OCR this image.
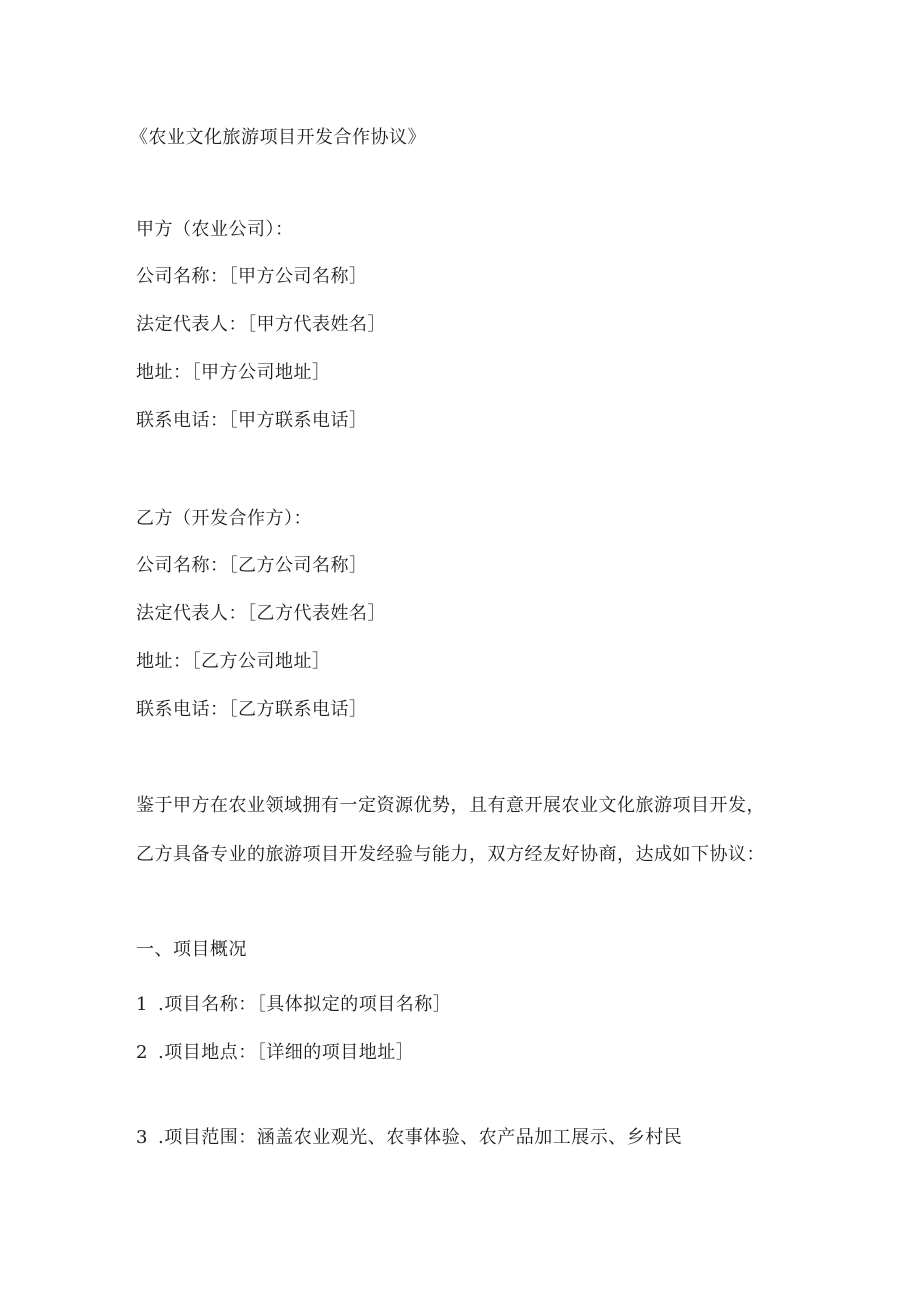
《农业文化旅游项目开发合作协议》
甲方（农业公司）：
公司名称：［甲方公司名称］
法定代表人：［甲方代表姓名］
地址：［甲方公司地址］
联系电话：［甲方联系电话］
乙方（开发合作方）：
公司名称：［乙方公司名称］
法定代表人：［乙方代表姓名］
地址：［乙方公司地址］
联系电话：［乙方联系电话］
鉴于甲方在农业领域拥有一定资源优势，且有意开展农业文化旅游项目开发，
乙方具备专业的旅游项目开发经验与能力，双方经友好协商，达成如下协议：
一、项目概况
1 .项目名称：［具体拟定的项目名称］
2 .项目地点：［详细的项目地址］
3 .项目范围：涵盖农业观光、农事体验、农产品加工展示、乡村民
